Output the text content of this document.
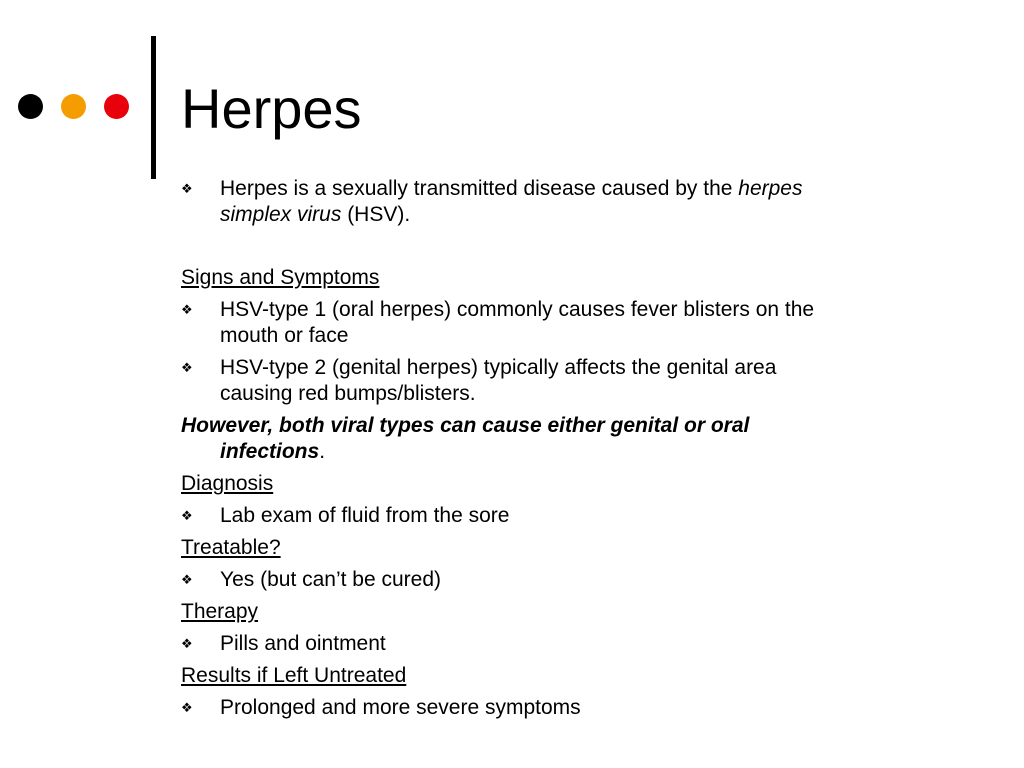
Herpes
❖ Herpes is a sexually transmitted disease caused by the herpes
simplex virus (HSV).
Signs and Symptoms
❖ HSV-type 1 (oral herpes) commonly causes fever blisters on the
mouth or face
❖ HSV-type 2 (genital herpes) typically affects the genital area
causing red bumps/blisters.
However, both viral types can cause either genital or oral
infections.
Diagnosis
❖ Lab exam of fluid from the sore
Treatable?
❖ Yes (but can’t be cured)
Therapy
❖ Pills and ointment
Results if Left Untreated
❖ Prolonged and more severe symptoms
